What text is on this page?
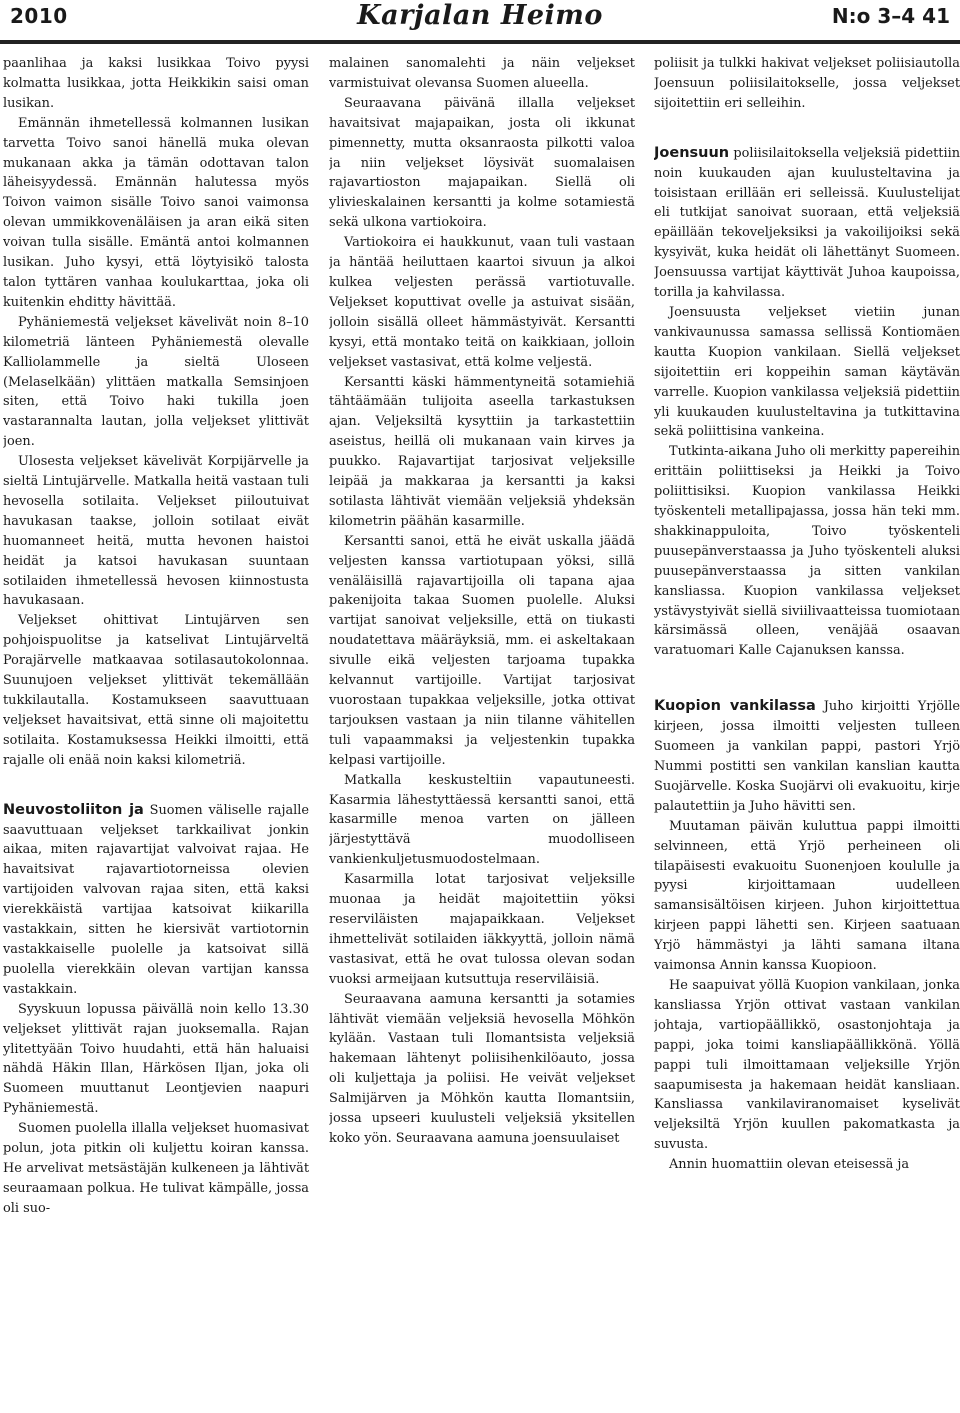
2010	Karjalan Heimo	N:o 3–4 41

paanlihaa ja kaksi lusikkaa Toivo pyysi kolmatta lusikkaa, jotta Heikkikin saisi oman lusikan.

Emännän ihmetellessä kolmannen lusikan tarvetta Toivo sanoi hänellä muka olevan mukanaan akka ja tämän odottavan talon läheisyydessä. Emännän halutessa myös Toivon vaimon sisälle Toivo sanoi vaimonsa olevan ummikkovenäläisen ja aran eikä siten voivan tulla sisälle. Emäntä antoi kolmannen lusikan. Juho kysyi, että löytyisikö talosta talon tyttären vanhaa koulukarttaa, joka oli kuitenkin ehditty hävittää.

Pyhäniemestä veljekset kävelivät noin 8–10 kilometriä länteen Pyhäniemestä olevalle Kalliolammelle ja sieltä Uloseen (Melaselkään) ylittäen matkalla Semsinjoen siten, että Toivo haki tukilla joen vastarannalta lautan, jolla veljekset ylittivät joen.

Ulosesta veljekset kävelivät Korpijärvelle ja sieltä Lintujärvelle. Matkalla heitä vastaan tuli hevosella sotilaita. Veljekset piiloutuivat havukasan taakse, jolloin sotilaat eivät huomanneet heitä, mutta hevonen haistoi heidät ja katsoi havukasan suuntaan sotilaiden ihmetellessä hevosen kiinnostusta havukasaan.

Veljekset ohittivat Lintujärven sen pohjoispuolitse ja katselivat Lintujärveltä Porajärvelle matkaavaa sotilasautokolonnaa. Suunujoen veljekset ylittivät tekemällään tukkilautalla. Kostamukseen saavuttuaan veljekset havaitsivat, että sinne oli majoitettu sotilaita. Kostamuksessa Heikki ilmoitti, että rajalle oli enää noin kaksi kilometriä.

Neuvostoliiton ja Suomen väliselle rajalle saavuttuaan veljekset tarkkailivat jonkin aikaa, miten rajavartijat valvoivat rajaa. He havaitsivat rajavartiotorneissa olevien vartijoiden valvovan rajaa siten, että kaksi vierekkäistä vartijaa katsoivat kiikarilla vastakkain, sitten he kiersivät vartiotornin vastakkaiselle puolelle ja katsoivat sillä puolella vierekkäin olevan vartijan kanssa vastakkain.

Syyskuun lopussa päivällä noin kello 13.30 veljekset ylittivät rajan juoksemalla. Rajan ylitettyään Toivo huudahti, että hän haluaisi nähdä Häkin Illan, Härkösen Iljan, joka oli Suomeen muuttanut Leontjevien naapuri Pyhäniemestä.

Suomen puolella illalla veljekset huomasivat polun, jota pitkin oli kuljettu koiran kanssa. He arvelivat metsästäjän kulkeneen ja lähtivät seuraamaan polkua. He tulivat kämpälle, jossa oli suo-

malainen sanomalehti ja näin veljekset varmistuivat olevansa Suomen alueella.

Seuraavana päivänä illalla veljekset havaitsivat majapaikan, josta oli ikkunat pimennetty, mutta oksanraosta pilkotti valoa ja niin veljekset löysivät suomalaisen rajavartioston majapaikan. Siellä oli ylivieskalainen kersantti ja kolme sotamiestä sekä ulkona vartiokoira.

Vartiokoira ei haukkunut, vaan tuli vastaan ja häntää heiluttaen kaartoi sivuun ja alkoi kulkea veljesten perässä vartiotuvalle. Veljekset koputtivat ovelle ja astuivat sisään, jolloin sisällä olleet hämmästyivät. Kersantti kysyi, että montako teitä on kaikkiaan, jolloin veljekset vastasivat, että kolme veljestä.

Kersantti käski hämmentyneitä sotamiehiä tähtäämään tulijoita aseella tarkastuksen ajan. Veljeksiltä kysyttiin ja tarkastettiin aseistus, heillä oli mukanaan vain kirves ja puukko. Rajavartijat tarjosivat veljeksille leipää ja makkaraa ja kersantti ja kaksi sotilasta lähtivät viemään veljeksiä yhdeksän kilometrin päähän kasarmille.

Kersantti sanoi, että he eivät uskalla jäädä veljesten kanssa vartiotupaan yöksi, sillä venäläisillä rajavartijoilla oli tapana ajaa pakenijoita takaa Suomen puolelle. Aluksi vartijat sanoivat veljeksille, että on tiukasti noudatettava määräyksiä, mm. ei askeltakaan sivulle eikä veljesten tarjoama tupakka kelvannut vartijoille. Vartijat tarjosivat vuorostaan tupakkaa veljeksille, jotka ottivat tarjouksen vastaan ja niin tilanne vähitellen tuli vapaammaksi ja veljestenkin tupakka kelpasi vartijoille.

Matkalla keskusteltiin vapautuneesti. Kasarmia lähestyttäessä kersantti sanoi, että kasarmille menoa varten on jälleen järjestyttävä muodolliseen vankienkuljetusmuodostelmaan.

Kasarmilla lotat tarjosivat veljeksille muonaa ja heidät majoitettiin yöksi reserviläisten majapaikkaan. Veljekset ihmettelivät sotilaiden iäkkyyttä, jolloin nämä vastasivat, että he ovat tulossa olevan sodan vuoksi armeijaan kutsuttuja reserviläisiä.

Seuraavana aamuna kersantti ja sotamies lähtivät viemään veljeksiä hevosella Möhkön kylään. Vastaan tuli Ilomantsista veljeksiä hakemaan lähtenyt poliisihenkilöauto, jossa oli kuljettaja ja poliisi. He veivät veljekset Salmijärven ja Möhkön kautta Ilomantsiin, jossa upseeri kuulusteli veljeksiä yksitellen koko yön. Seuraavana aamuna joensuulaiset

poliisit ja tulkki hakivat veljekset poliisiautolla Joensuun poliisilaitokselle, jossa veljekset sijoitettiin eri selleihin.

Joensuun poliisilaitoksella veljeksiä pidettiin noin kuukauden ajan kuulusteltavina ja toisistaan erillään eri selleissä. Kuulustelijat eli tutkijat sanoivat suoraan, että veljeksiä epäillään tekoveljeksiksi ja vakoilijoiksi sekä kysyivät, kuka heidät oli lähettänyt Suomeen. Joensuussa vartijat käyttivät Juhoa kaupoissa, torilla ja kahvilassa.

Joensuusta veljekset vietiin junan vankivaunussa samassa sellissä Kontiomäen kautta Kuopion vankilaan. Siellä veljekset sijoitettiin eri koppeihin saman käytävän varrelle. Kuopion vankilassa veljeksiä pidettiin yli kuukauden kuulusteltavina ja tutkittavina sekä poliittisina vankeina.

Tutkinta-aikana Juho oli merkitty papereihin erittäin poliittiseksi ja Heikki ja Toivo poliittisiksi. Kuopion vankilassa Heikki työskenteli metallipajassa, jossa hän teki mm. shakkinappuloita, Toivo työskenteli puusepänverstaassa ja Juho työskenteli aluksi puusepänverstaassa ja sitten vankilan kansliassa. Kuopion vankilassa veljekset ystävystyivät siellä siviilivaatteissa tuomiotaan kärsimässä olleen, venäjää osaavan varatuomari Kalle Cajanuksen kanssa.

Kuopion vankilassa Juho kirjoitti Yrjölle kirjeen, jossa ilmoitti veljesten tulleen Suomeen ja vankilan pappi, pastori Yrjö Nummi postitti sen vankilan kanslian kautta Suojärvelle. Koska Suojärvi oli evakuoitu, kirje palautettiin ja Juho hävitti sen.

Muutaman päivän kuluttua pappi ilmoitti selvinneen, että Yrjö perheineen oli tilapäisesti evakuoitu Suonenjoen koululle ja pyysi kirjoittamaan uudelleen samansisältöisen kirjeen. Juhon kirjoittettua kirjeen pappi lähetti sen. Kirjeen saatuaan Yrjö hämmästyi ja lähti samana iltana vaimonsa Annin kanssa Kuopioon.

He saapuivat yöllä Kuopion vankilaan, jonka kansliassa Yrjön ottivat vastaan vankilan johtaja, vartiopäällikkö, osastonjohtaja ja pappi, joka toimi kansliapäällikkönä. Yöllä pappi tuli ilmoittamaan veljeksille Yrjön saapumisesta ja hakemaan heidät kansliaan. Kansliassa vankilaviranomaiset kyselivät veljeksiltä Yrjön kuullen pakomatkasta ja suvusta.

Annin huomattiin olevan eteisessä ja
